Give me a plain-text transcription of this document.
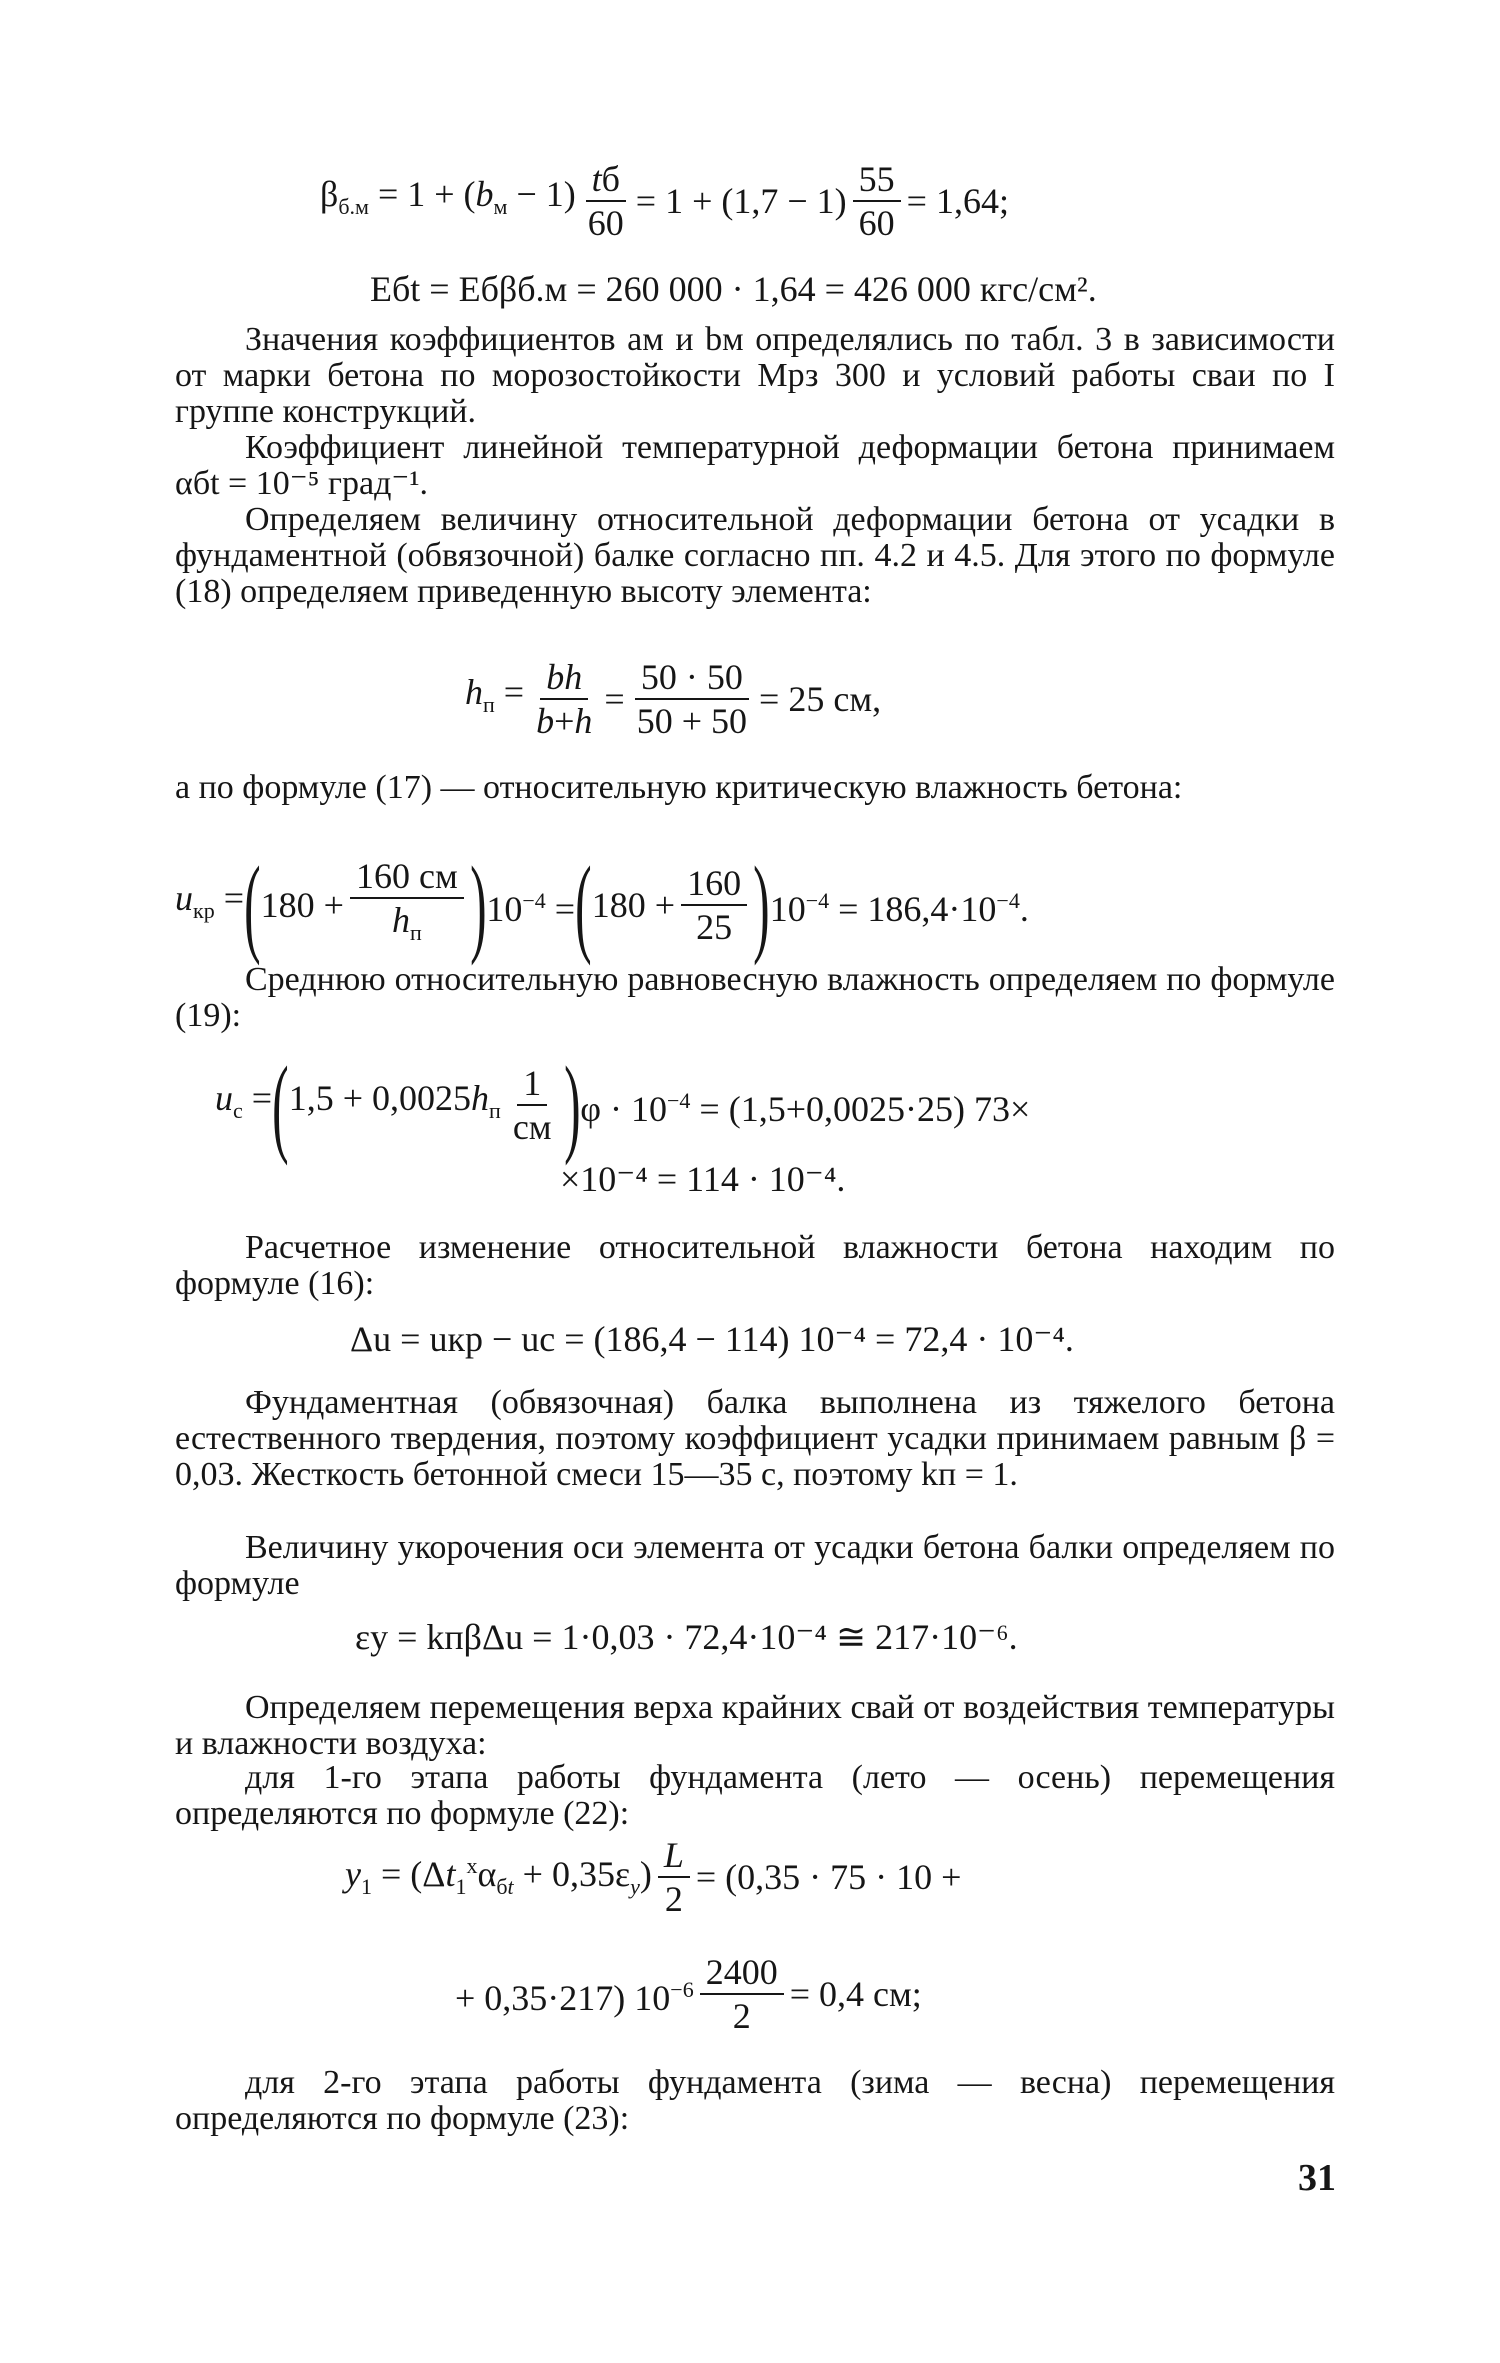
$\beta_{б.м} = 1 + (b_м - 1) \frac{tб}{60} = 1 + (1,7 - 1) \frac{55}{60} = 1,64$;
Eбt = Eбβб.м = 260 000 · 1,64 = 426 000 кгс/см².

Значения коэффициентов aм и bм определялись по табл. 3 в зависимости от марки бетона по морозостойкости Мрз 300 и условий работы сваи по I группе конструкций.

Коэффициент линейной температурной деформации бетона принимаем αбt = 10⁻⁵ град⁻¹.

Определяем величину относительной деформации бетона от усадки в фундаментной (обвязочной) балке согласно пп. 4.2 и 4.5. Для этого по формуле (18) определяем приведенную высоту элемента:

$h_п = \frac{bh}{b+h} = \frac{50 \cdot 50}{50 + 50} = 25$ см,

а по формуле (17) — относительную критическую влажность бетона:

$u_{кр}$ = ( $180 + \frac{160 см}{h_п}$ ) $10^{-4}$ = ( $180 + \frac{160}{25}$ ) $10^{-4} = 186,4\cdot 10^{-4}$.

Среднюю относительную равновесную влажность определяем по формуле (19):

$u_с$ = ( $1,5 + 0,0025h_п \frac{1}{см}$ ) $\varphi \cdot 10^{-4} = (1,5+0,0025\cdot 25)$ 73×
×10⁻⁴ = 114 · 10⁻⁴.

Расчетное изменение относительной влажности бетона находим по формуле (16):

Δu = uкр − uс = (186,4 − 114) 10⁻⁴ = 72,4 · 10⁻⁴.

Фундаментная (обвязочная) балка выполнена из тяжелого бетона естественного твердения, поэтому коэффициент усадки принимаем равным β = 0,03. Жесткость бетонной смеси 15—35 с, поэтому kп = 1.

Величину укорочения оси элемента от усадки бетона балки определяем по формуле

εу = kпβΔu = 1·0,03 · 72,4·10⁻⁴ ≅ 217·10⁻⁶.

Определяем перемещения верха крайних свай от воздействия температуры и влажности воздуха:

для 1-го этапа работы фундамента (лето — осень) перемещения определяются по формуле (22):

$y_1 = (\Delta t_1^x\alpha_{бt} + 0,35\varepsilon_y) \frac{L}{2} = (0,35 \cdot 75 \cdot 10$ +
+ 0,35·217) $10^{-6} \frac{2400}{2} = 0,4$ см;

для 2-го этапа работы фундамента (зима — весна) перемещения определяются по формуле (23):

31
